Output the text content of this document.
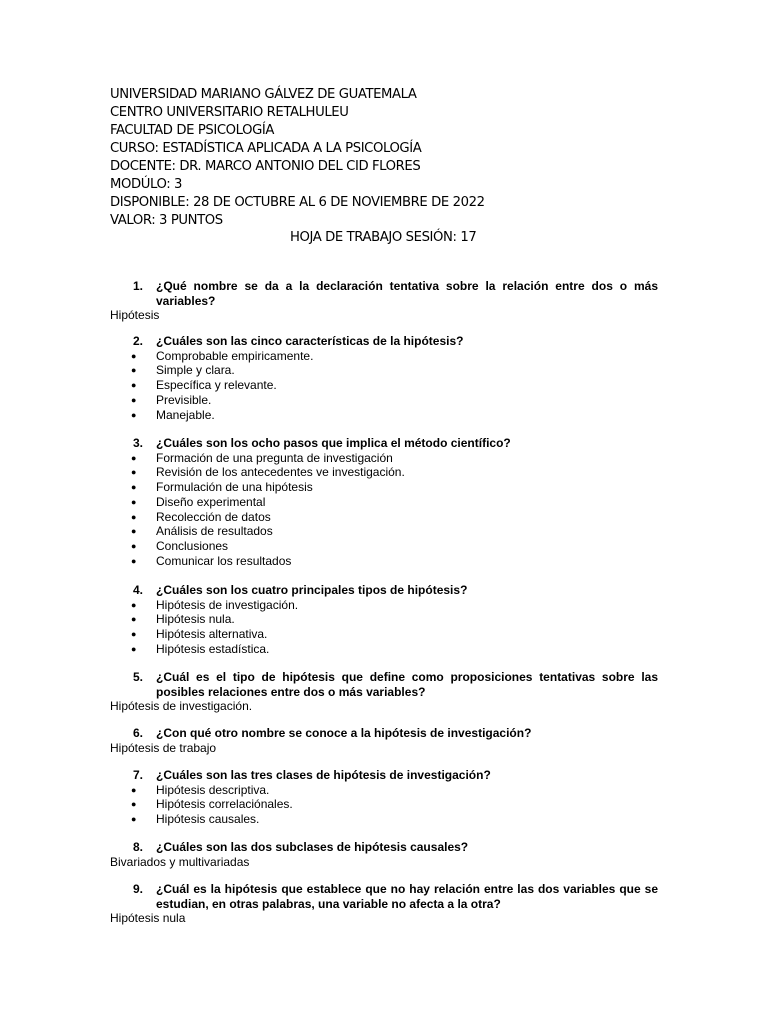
UNIVERSIDAD MARIANO GÁLVEZ DE GUATEMALA
CENTRO UNIVERSITARIO RETALHULEU
FACULTAD DE PSICOLOGÍA
CURSO: ESTADÍSTICA APLICADA A LA PSICOLOGÍA
DOCENTE: DR. MARCO ANTONIO DEL CID FLORES
MODÚLO: 3
DISPONIBLE: 28 DE OCTUBRE AL 6 DE NOVIEMBRE DE 2022
VALOR: 3 PUNTOS
HOJA DE TRABAJO SESIÓN: 17
1. ¿Qué nombre se da a la declaración tentativa sobre la relación entre dos o más variables?
Hipótesis
2. ¿Cuáles son las cinco características de la hipótesis?
● Comprobable empiricamente.
● Simple y clara.
● Específica y relevante.
● Previsible.
● Manejable.
3. ¿Cuáles son los ocho pasos que implica el método científico?
● Formación de una pregunta de investigación
● Revisión de los antecedentes ve investigación.
● Formulación de una hipótesis
● Diseño experimental
● Recolección de datos
● Análisis de resultados
● Conclusiones
● Comunicar los resultados
4. ¿Cuáles son los cuatro principales tipos de hipótesis?
● Hipótesis de investigación.
● Hipótesis nula.
● Hipótesis alternativa.
● Hipótesis estadística.
5. ¿Cuál es el tipo de hipótesis que define como proposiciones tentativas sobre las posibles relaciones entre dos o más variables?
Hipótesis de investigación.
6. ¿Con qué otro nombre se conoce a la hipótesis de investigación?
Hipótesis de trabajo
7. ¿Cuáles son las tres clases de hipótesis de investigación?
● Hipótesis descriptiva.
● Hipótesis correlaciónales.
● Hipótesis causales.
8. ¿Cuáles son las dos subclases de hipótesis causales?
Bivariados y multivariadas
9. ¿Cuál es la hipótesis que establece que no hay relación entre las dos variables que se estudian, en otras palabras, una variable no afecta a la otra?
Hipótesis nula
